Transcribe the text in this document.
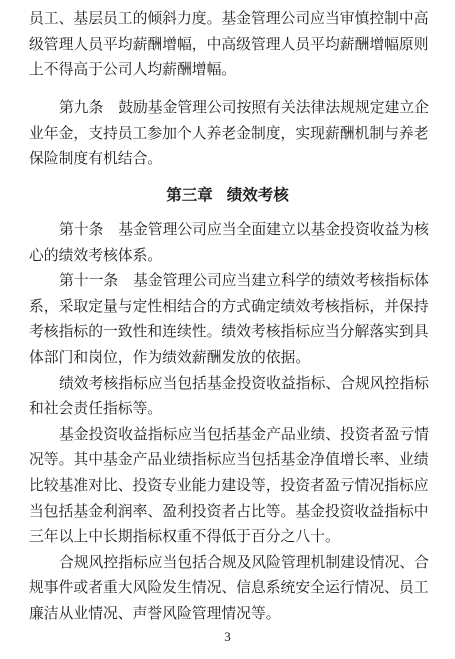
员工、基层员工的倾斜力度。基金管理公司应当审慎控制中高
级管理人员平均薪酬增幅，中高级管理人员平均薪酬增幅原则
上不得高于公司人均薪酬增幅。
第九条　鼓励基金管理公司按照有关法律法规规定建立企
业年金，支持员工参加个人养老金制度，实现薪酬机制与养老
保险制度有机结合。
第三章 绩效考核
第十条　基金管理公司应当全面建立以基金投资收益为核
心的绩效考核体系。
第十一条　基金管理公司应当建立科学的绩效考核指标体
系，采取定量与定性相结合的方式确定绩效考核指标，并保持
考核指标的一致性和连续性。绩效考核指标应当分解落实到具
体部门和岗位，作为绩效薪酬发放的依据。
绩效考核指标应当包括基金投资收益指标、合规风控指标
和社会责任指标等。
基金投资收益指标应当包括基金产品业绩、投资者盈亏情
况等。其中基金产品业绩指标应当包括基金净值增长率、业绩
比较基准对比、投资专业能力建设等，投资者盈亏情况指标应
当包括基金利润率、盈利投资者占比等。基金投资收益指标中
三年以上中长期指标权重不得低于百分之八十。
合规风控指标应当包括合规及风险管理机制建设情况、合
规事件或者重大风险发生情况、信息系统安全运行情况、员工
廉洁从业情况、声誉风险管理情况等。
3
